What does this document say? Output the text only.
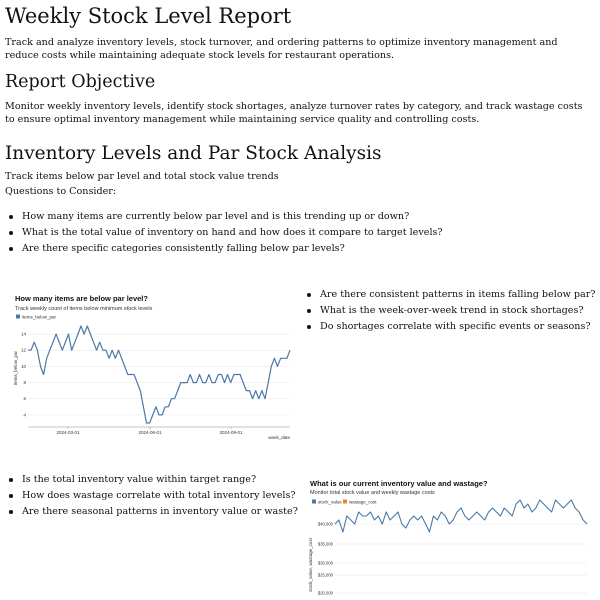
Weekly Stock Level Report
Track and analyze inventory levels, stock turnover, and ordering patterns to optimize inventory management and reduce costs while maintaining adequate stock levels for restaurant operations.
Report Objective
Monitor weekly inventory levels, identify stock shortages, analyze turnover rates by category, and track wastage costs to ensure optimal inventory management while maintaining service quality and controlling costs.
Inventory Levels and Par Stock Analysis
Track items below par level and total stock value trends
Questions to Consider:
How many items are currently below par level and is this trending up or down?
What is the total value of inventory on hand and how does it compare to target levels?
Are there specific categories consistently falling below par levels?
How many items are below par level?
Track weekly count of items below minimum stock levels
items_below_par
items_below_par
week_date
4
6
8
10
12
14
2024-03-01	2024-06-01	2024-09-01
Are there consistent patterns in items falling below par?
What is the week-over-week trend in stock shortages?
Do shortages correlate with specific events or seasons?
Is the total inventory value within target range?
How does wastage correlate with total inventory levels?
Are there seasonal patterns in inventory value or waste?
What is our current inventory value and wastage?
Monitor total stock value and weekly wastage costs
stock_value wastage_cost
stock_value, wastage_cost
$40,000
$35,000
$30,000
$25,000
$20,000
